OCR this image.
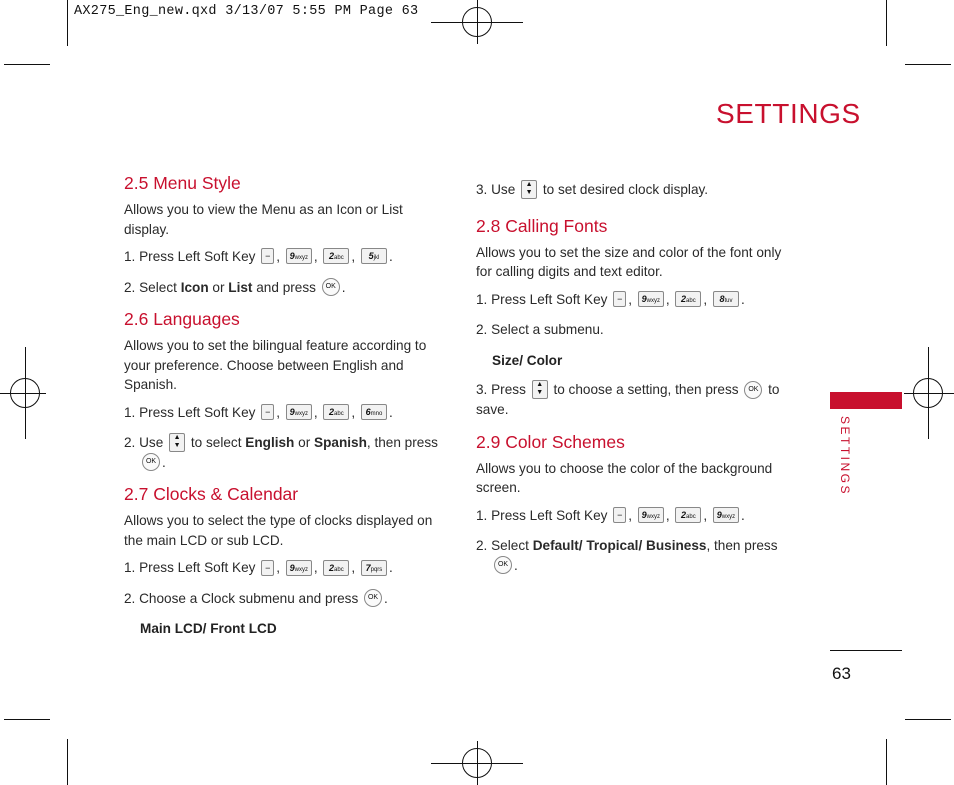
AX275_Eng_new.qxd 3/13/07 5:55 PM Page 63
SETTINGS
2.5 Menu Style

Allows you to view the Menu as an Icon or List display.

1. Press Left Soft Key − , 9wxyz , 2abc , 5jkl .

2. Select Icon or List and press OK .

2.6 Languages

Allows you to set the bilingual feature according to your preference. Choose between English and Spanish.

1. Press Left Soft Key − , 9wxyz , 2abc , 6mno .

2. Use ▲
▼ to select English or Spanish, then press
OK .

2.7 Clocks & Calendar

Allows you to select the type of clocks displayed on the main LCD or sub LCD.

1. Press Left Soft Key − , 9wxyz , 2abc , 7pqrs .

2. Choose a Clock submenu and press OK .

Main LCD/ Front LCD

3. Use ▲
▼ to set desired clock display.

2.8 Calling Fonts

Allows you to set the size and color of the font only for calling digits and text editor.

1. Press Left Soft Key − , 9wxyz , 2abc , 8tuv .

2. Select a submenu.

Size/ Color

3. Press ▲
▼ to choose a setting, then press OK to save.

2.9 Color Schemes

Allows you to choose the color of the background screen.

1. Press Left Soft Key − , 9wxyz , 2abc , 9wxyz .

2. Select Default/ Tropical/ Business, then press
OK .

SETTINGS
63
